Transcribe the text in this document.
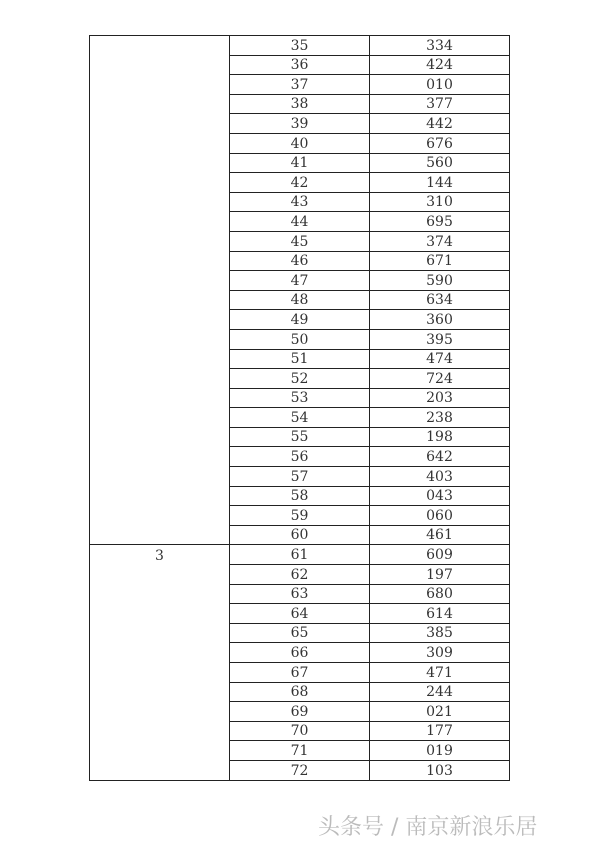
	35	334
	36	424
	37	010
	38	377
	39	442
	40	676
	41	560
	42	144
	43	310
	44	695
	45	374
	46	671
	47	590
	48	634
	49	360
	50	395
	51	474
	52	724
	53	203
	54	238
	55	198
	56	642
	57	403
	58	043
	59	060
	60	461
3	61	609
	62	197
	63	680
	64	614
	65	385
	66	309
	67	471
	68	244
	69	021
	70	177
	71	019
	72	103
头条号 / 南京新浪乐居
